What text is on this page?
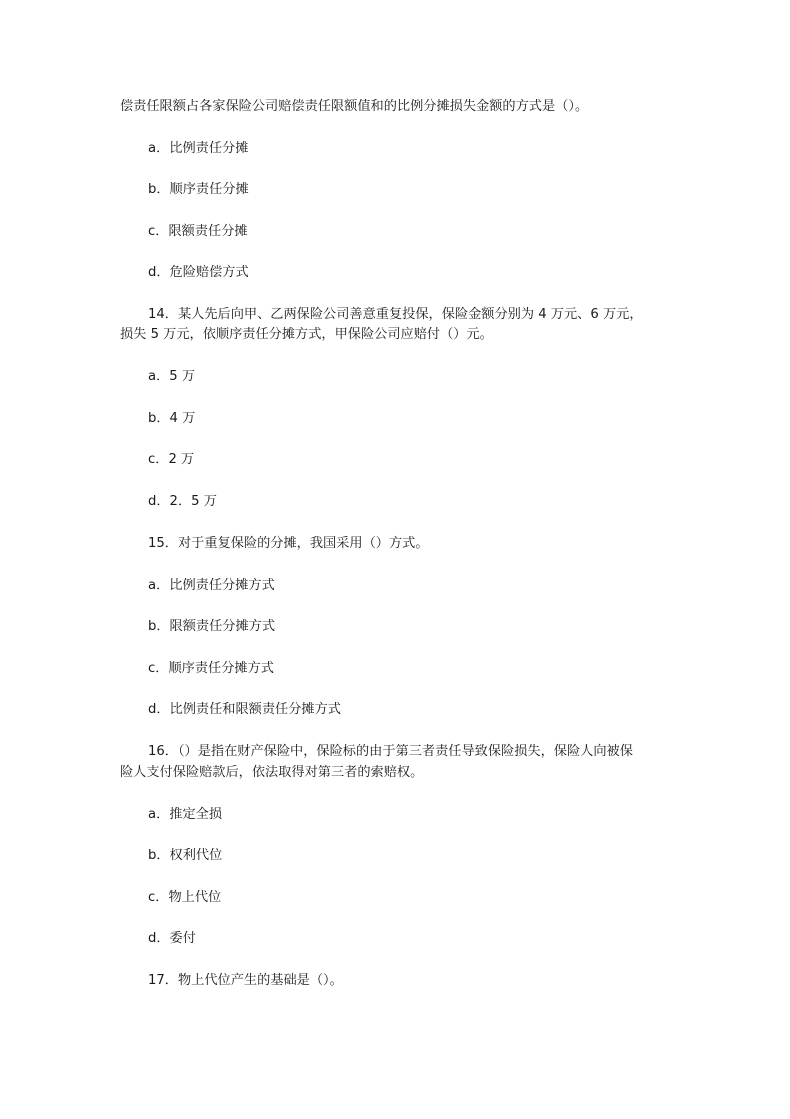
偿责任限额占各家保险公司赔偿责任限额值和的比例分摊损失金额的方式是（）。
a．比例责任分摊
b．顺序责任分摊
c．限额责任分摊
d．危险赔偿方式
14．某人先后向甲、乙两保险公司善意重复投保，保险金额分别为 4 万元、6 万元，
损失 5 万元，依顺序责任分摊方式，甲保险公司应赔付（）元。
a．5 万
b．4 万
c．2 万
d．2．5 万
15．对于重复保险的分摊，我国采用（）方式。
a．比例责任分摊方式
b．限额责任分摊方式
c．顺序责任分摊方式
d．比例责任和限额责任分摊方式
16．（）是指在财产保险中，保险标的由于第三者责任导致保险损失，保险人向被保
险人支付保险赔款后，依法取得对第三者的索赔权。
a．推定全损
b．权利代位
c．物上代位
d．委付
17．物上代位产生的基础是（）。
